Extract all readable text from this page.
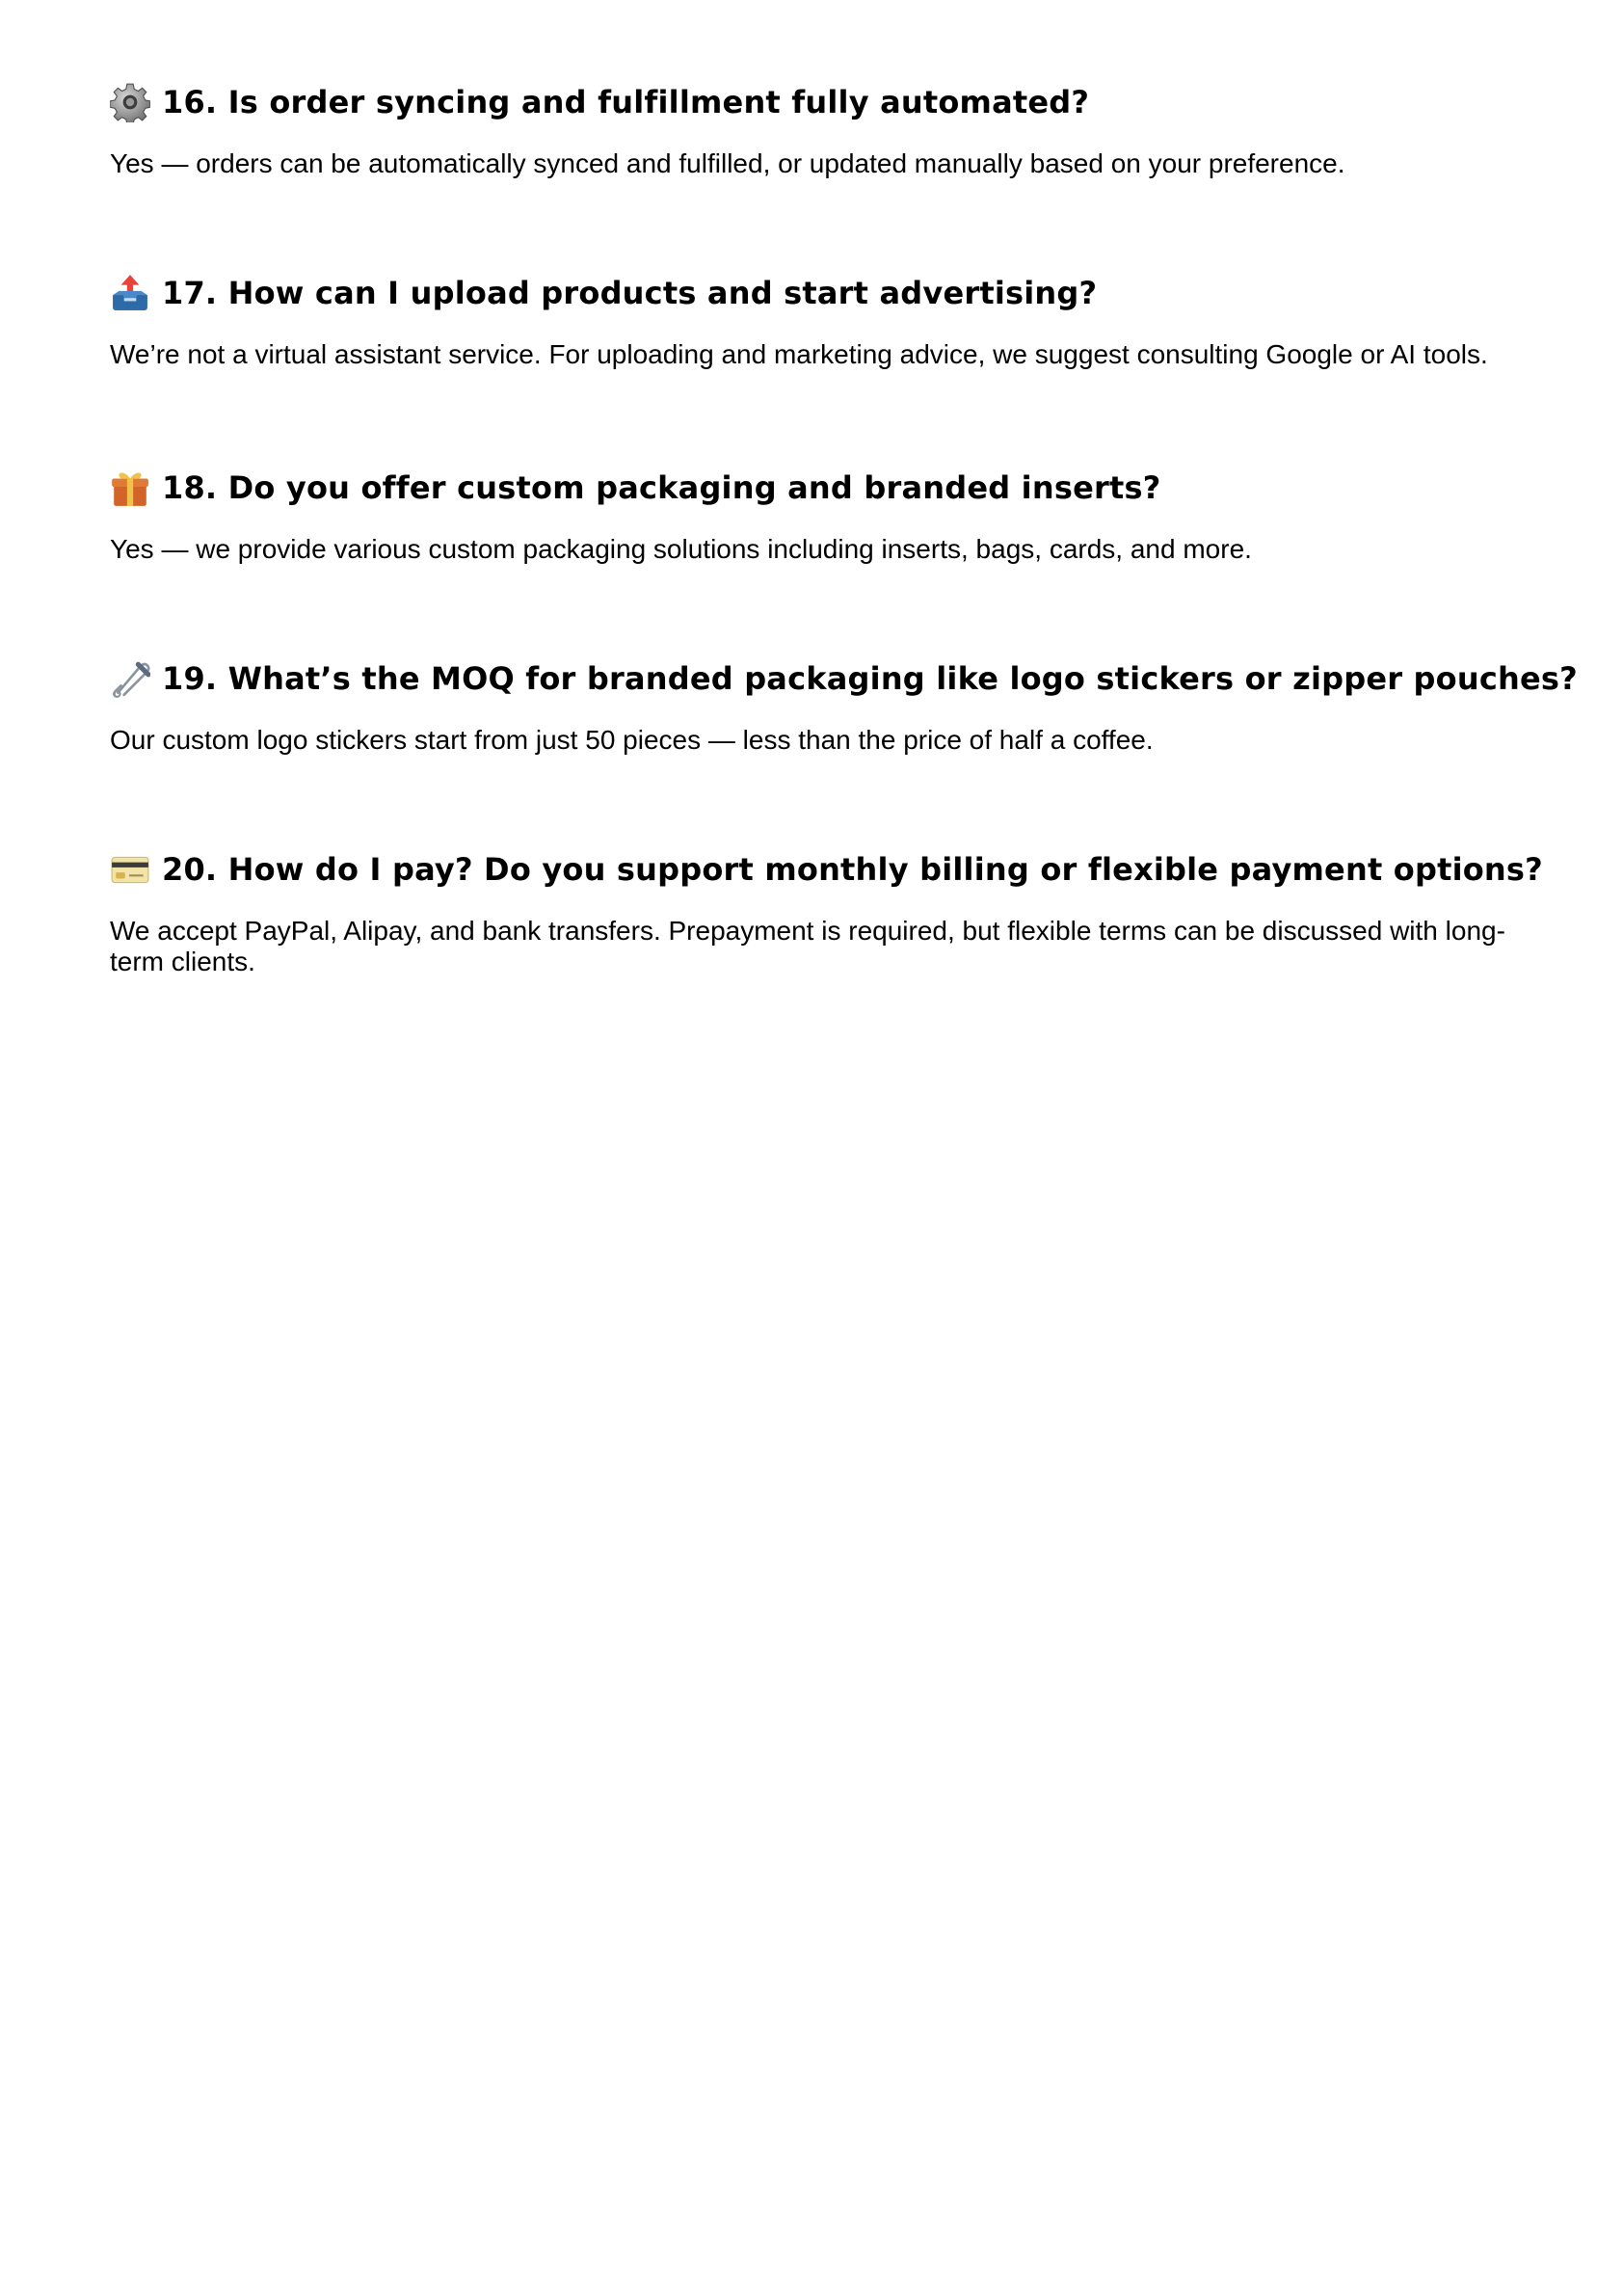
16. Is order syncing and fulfillment fully automated?

Yes — orders can be automatically synced and fulfilled, or updated manually based on your preference.

17. How can I upload products and start advertising?

We’re not a virtual assistant service. For uploading and marketing advice, we suggest consulting Google or AI tools.

18. Do you offer custom packaging and branded inserts?

Yes — we provide various custom packaging solutions including inserts, bags, cards, and more.

19. What’s the MOQ for branded packaging like logo stickers or zipper pouches?

Our custom logo stickers start from just 50 pieces — less than the price of half a coffee.

20. How do I pay? Do you support monthly billing or flexible payment options?

We accept PayPal, Alipay, and bank transfers. Prepayment is required, but flexible terms can be discussed with long-term clients.
